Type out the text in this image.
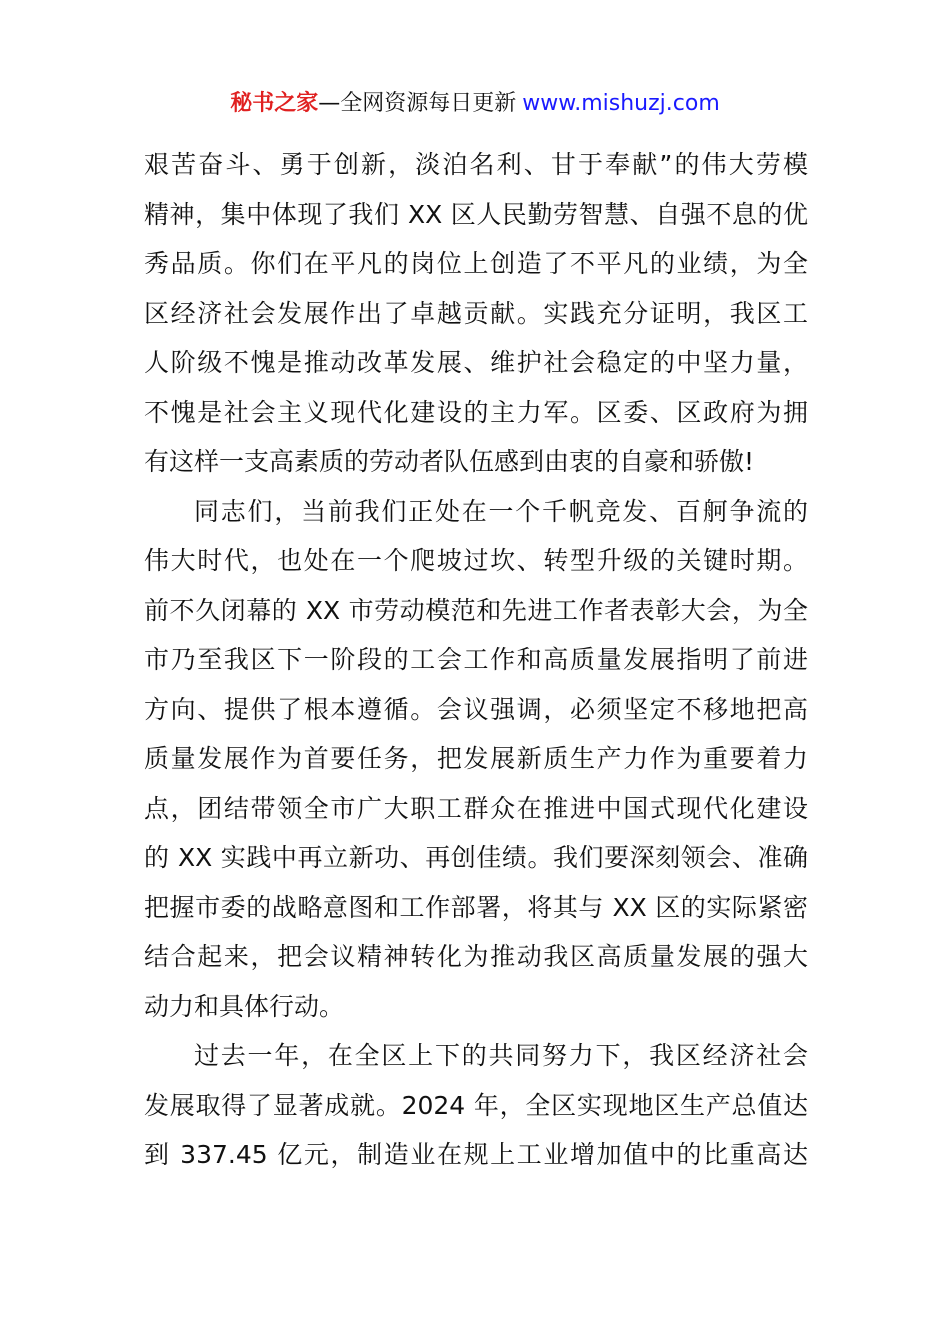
秘书之家—全网资源每日更新 www.mishuzj.com
艰苦奋斗、勇于创新，淡泊名利、甘于奉献”的伟大劳模
精神，集中体现了我们 XX 区人民勤劳智慧、自强不息的优
秀品质。你们在平凡的岗位上创造了不平凡的业绩，为全
区经济社会发展作出了卓越贡献。实践充分证明，我区工
人阶级不愧是推动改革发展、维护社会稳定的中坚力量，
不愧是社会主义现代化建设的主力军。区委、区政府为拥
有这样一支高素质的劳动者队伍感到由衷的自豪和骄傲!
同志们，当前我们正处在一个千帆竞发、百舸争流的
伟大时代，也处在一个爬坡过坎、转型升级的关键时期。
前不久闭幕的 XX 市劳动模范和先进工作者表彰大会，为全
市乃至我区下一阶段的工会工作和高质量发展指明了前进
方向、提供了根本遵循。会议强调，必须坚定不移地把高
质量发展作为首要任务，把发展新质生产力作为重要着力
点，团结带领全市广大职工群众在推进中国式现代化建设
的 XX 实践中再立新功、再创佳绩。我们要深刻领会、准确
把握市委的战略意图和工作部署，将其与 XX 区的实际紧密
结合起来，把会议精神转化为推动我区高质量发展的强大
动力和具体行动。
过去一年，在全区上下的共同努力下，我区经济社会
发展取得了显著成就。2024 年，全区实现地区生产总值达
到 337.45 亿元，制造业在规上工业增加值中的比重高达
